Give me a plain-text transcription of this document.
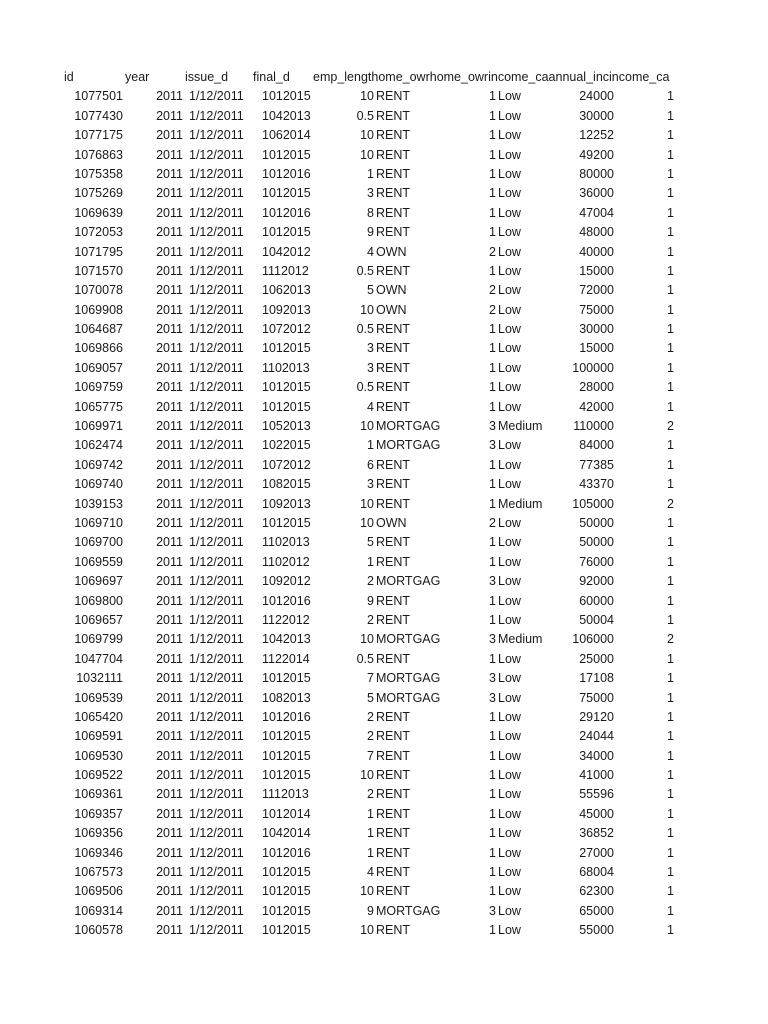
id	year	issue_d final_d emp_lengthome_owrhome_owrincome_caannual_incincome_ca
1077501	2011 1/12/2011 1012015	10 RENT	1 Low	24000	1
1077430	2011 1/12/2011 1042013	0.5 RENT	1 Low	30000	1
1077175	2011 1/12/2011 1062014	10 RENT	1 Low	12252	1
1076863	2011 1/12/2011 1012015	10 RENT	1 Low	49200	1
1075358	2011 1/12/2011 1012016	1 RENT	1 Low	80000	1
1075269	2011 1/12/2011 1012015	3 RENT	1 Low	36000	1
1069639	2011 1/12/2011 1012016	8 RENT	1 Low	47004	1
1072053	2011 1/12/2011 1012015	9 RENT	1 Low	48000	1
1071795	2011 1/12/2011 1042012	4 OWN	2 Low	40000	1
1071570	2011 1/12/2011 1112012	0.5 RENT	1 Low	15000	1
1070078	2011 1/12/2011 1062013	5 OWN	2 Low	72000	1
1069908	2011 1/12/2011 1092013	10 OWN	2 Low	75000	1
1064687	2011 1/12/2011 1072012	0.5 RENT	1 Low	30000	1
1069866	2011 1/12/2011 1012015	3 RENT	1 Low	15000	1
1069057	2011 1/12/2011 1102013	3 RENT	1 Low	100000	1
1069759	2011 1/12/2011 1012015	0.5 RENT	1 Low	28000	1
1065775	2011 1/12/2011 1012015	4 RENT	1 Low	42000	1
1069971	2011 1/12/2011 1052013	10 MORTGAG	3 Medium 110000	2
1062474	2011 1/12/2011 1022015	1 MORTGAG	3 Low	84000	1
1069742	2011 1/12/2011 1072012	6 RENT	1 Low	77385	1
1069740	2011 1/12/2011 1082015	3 RENT	1 Low	43370	1
1039153	2011 1/12/2011 1092013	10 RENT	1 Medium 105000	2
1069710	2011 1/12/2011 1012015	10 OWN	2 Low	50000	1
1069700	2011 1/12/2011 1102013	5 RENT	1 Low	50000	1
1069559	2011 1/12/2011 1102012	1 RENT	1 Low	76000	1
1069697	2011 1/12/2011 1092012	2 MORTGAG	3 Low	92000	1
1069800	2011 1/12/2011 1012016	9 RENT	1 Low	60000	1
1069657	2011 1/12/2011 1122012	2 RENT	1 Low	50004	1
1069799	2011 1/12/2011 1042013	10 MORTGAG	3 Medium 106000	2
1047704	2011 1/12/2011 1122014	0.5 RENT	1 Low	25000	1
1032111	2011 1/12/2011 1012015	7 MORTGAG	3 Low	17108	1
1069539	2011 1/12/2011 1082013	5 MORTGAG	3 Low	75000	1
1065420	2011 1/12/2011 1012016	2 RENT	1 Low	29120	1
1069591	2011 1/12/2011 1012015	2 RENT	1 Low	24044	1
1069530	2011 1/12/2011 1012015	7 RENT	1 Low	34000	1
1069522	2011 1/12/2011 1012015	10 RENT	1 Low	41000	1
1069361	2011 1/12/2011 1112013	2 RENT	1 Low	55596	1
1069357	2011 1/12/2011 1012014	1 RENT	1 Low	45000	1
1069356	2011 1/12/2011 1042014	1 RENT	1 Low	36852	1
1069346	2011 1/12/2011 1012016	1 RENT	1 Low	27000	1
1067573	2011 1/12/2011 1012015	4 RENT	1 Low	68004	1
1069506	2011 1/12/2011 1012015	10 RENT	1 Low	62300	1
1069314	2011 1/12/2011 1012015	9 MORTGAG	3 Low	65000	1
1060578	2011 1/12/2011 1012015	10 RENT	1 Low	55000	1
